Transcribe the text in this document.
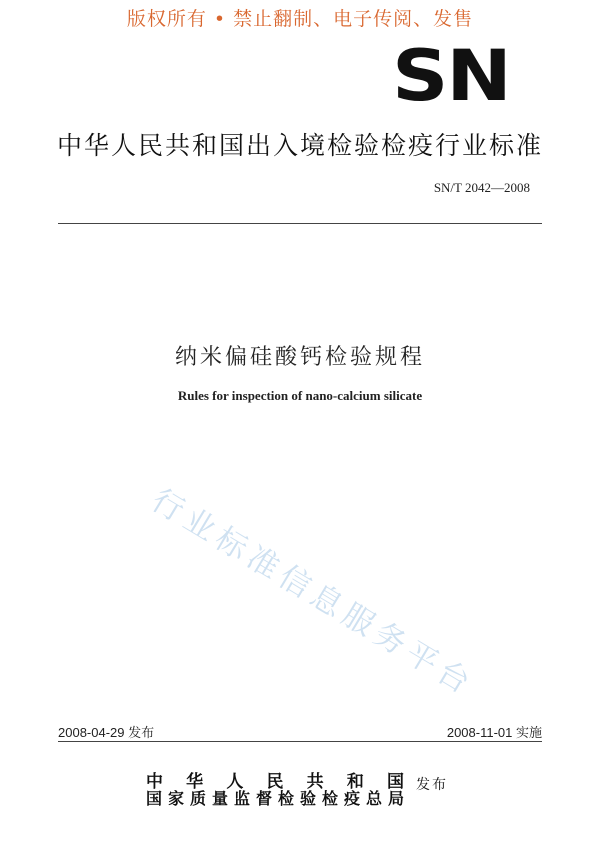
版权所有 • 禁止翻制、电子传阅、发售
SN
中华人民共和国出入境检验检疫行业标准
SN/T 2042—2008
纳米偏硅酸钙检验规程
Rules for inspection of nano-calcium silicate
行业标准信息服务平台
2008-04-29 发布	2008-11-01 实施
中华人民共和国
国家质量监督检验检疫总局
发布
